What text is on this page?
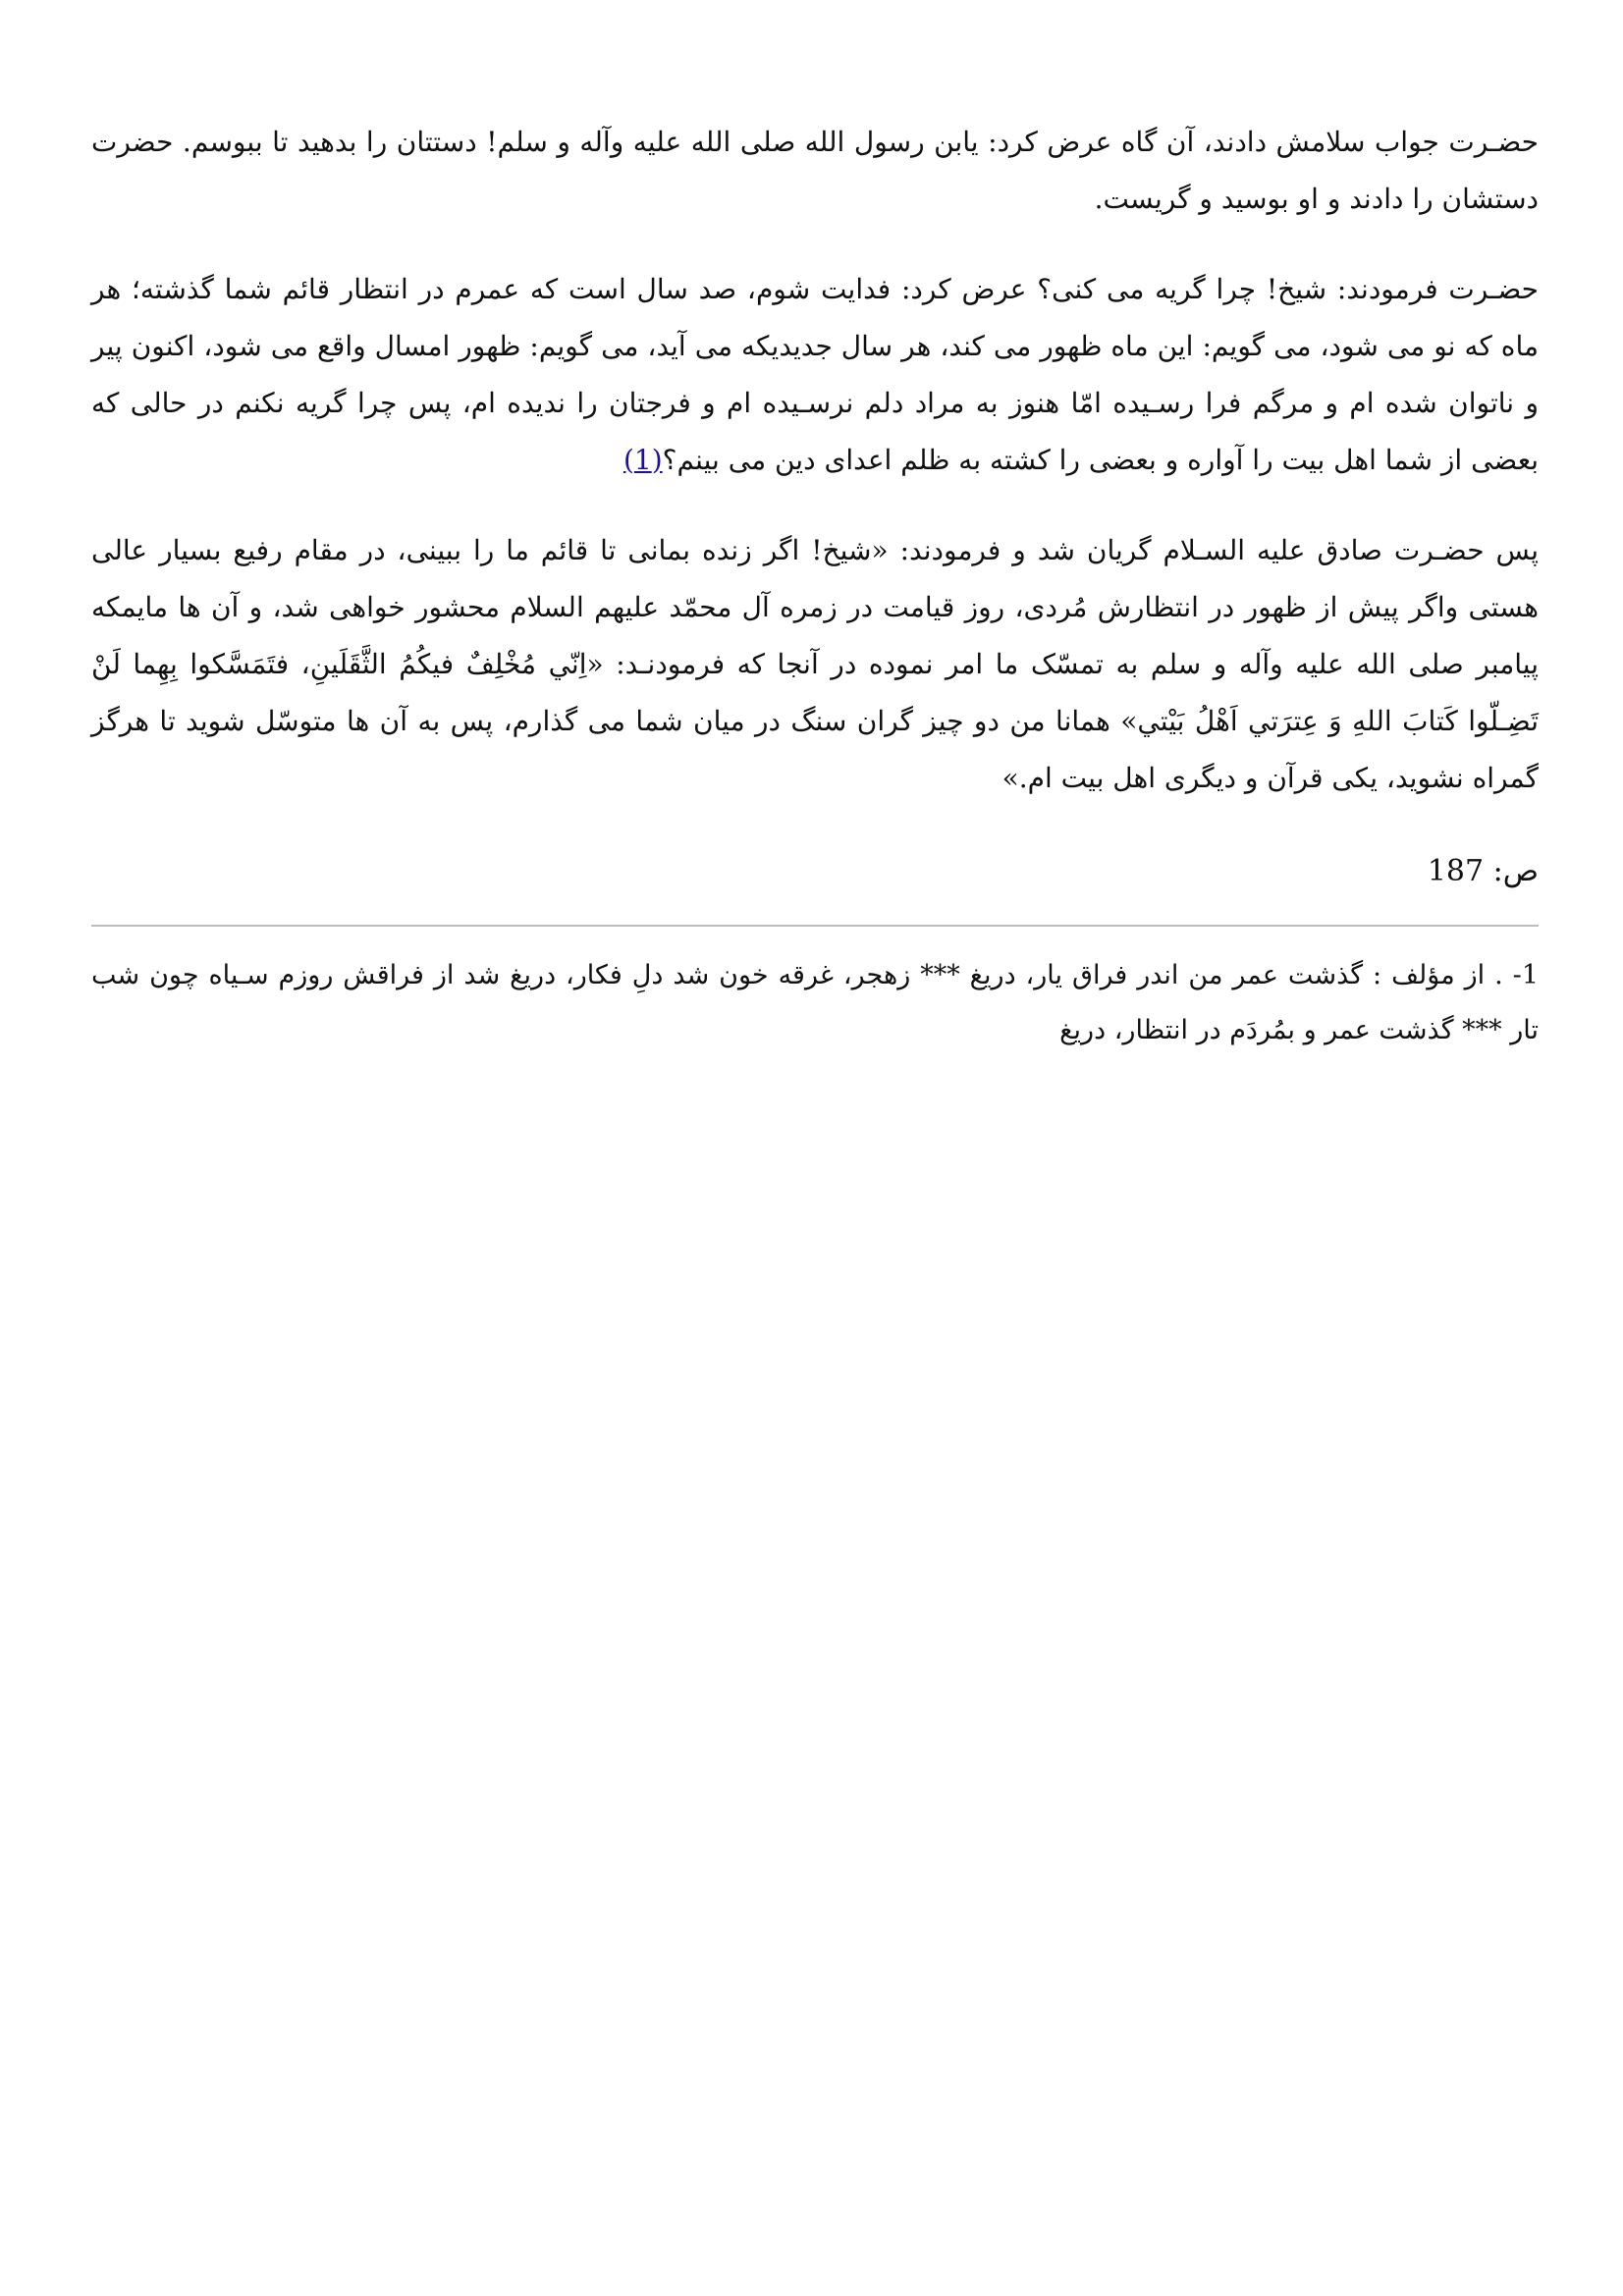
حضـرت جواب سلامش دادند، آن گاه عرض کرد: یابن رسول الله صلی الله علیه وآله و سلم! دستتان را بدهید تا ببوسم. حضرت دستشان را دادند و او بوسید و گریست.

حضـرت فرمودند: شیخ! چرا گریه می کنی؟ عرض کرد: فدایت شوم، صد سال است که عمرم در انتظار قائم شما گذشته؛ هر ماه که نو می شود، می گویم: این ماه ظهور می کند، هر سال جدیدیکه می آید، می گویم: ظهور امسال واقع می شود، اکنون پیر و ناتوان شده ام و مرگم فرا رسـیده امّا هنوز به مراد دلم نرسـیده ام و فرجتان را ندیده ام، پس چرا گریه نکنم در حالی که بعضی از شما اهل بیت را آواره و بعضی را کشته به ظلم اعدای دین می بینم؟(1)

پس حضـرت صادق علیه السـلام گریان شد و فرمودند: «شیخ! اگر زنده بمانی تا قائم ما را ببینی، در مقام رفیع بسیار عالی هستی واگر پیش از ظهور در انتظارش مُردی، روز قیامت در زمره آل محمّد علیهم السلام محشور خواهی شد، و آن ها مایمکه پیامبر صلی الله علیه وآله و سلم به تمسّک ما امر نموده در آنجا که فرمودنـد: «اِنّي مُخْلِفٌ فيكُمُ الثَّقَلَينِ، فتَمَسَّكوا بِهِما لَنْ تَضِـلّوا كَتابَ اللهِ وَ عِترَتي اَهْلُ بَيْتي» همانا من دو چیز گران سنگ در میان شما می گذارم، پس به آن ها متوسّل شوید تا هرگز گمراه نشوید، یکی قرآن و دیگری اهل بیت ام.»

ص: 187

1- . از مؤلف : گذشت عمر من اندر فراق یار، دریغ *** زهجر، غرقه خون شد دلِ فکار، دریغ شد از فراقش روزم سـیاه چون شب تار *** گذشت عمر و بمُردَم در انتظار، دریغ
